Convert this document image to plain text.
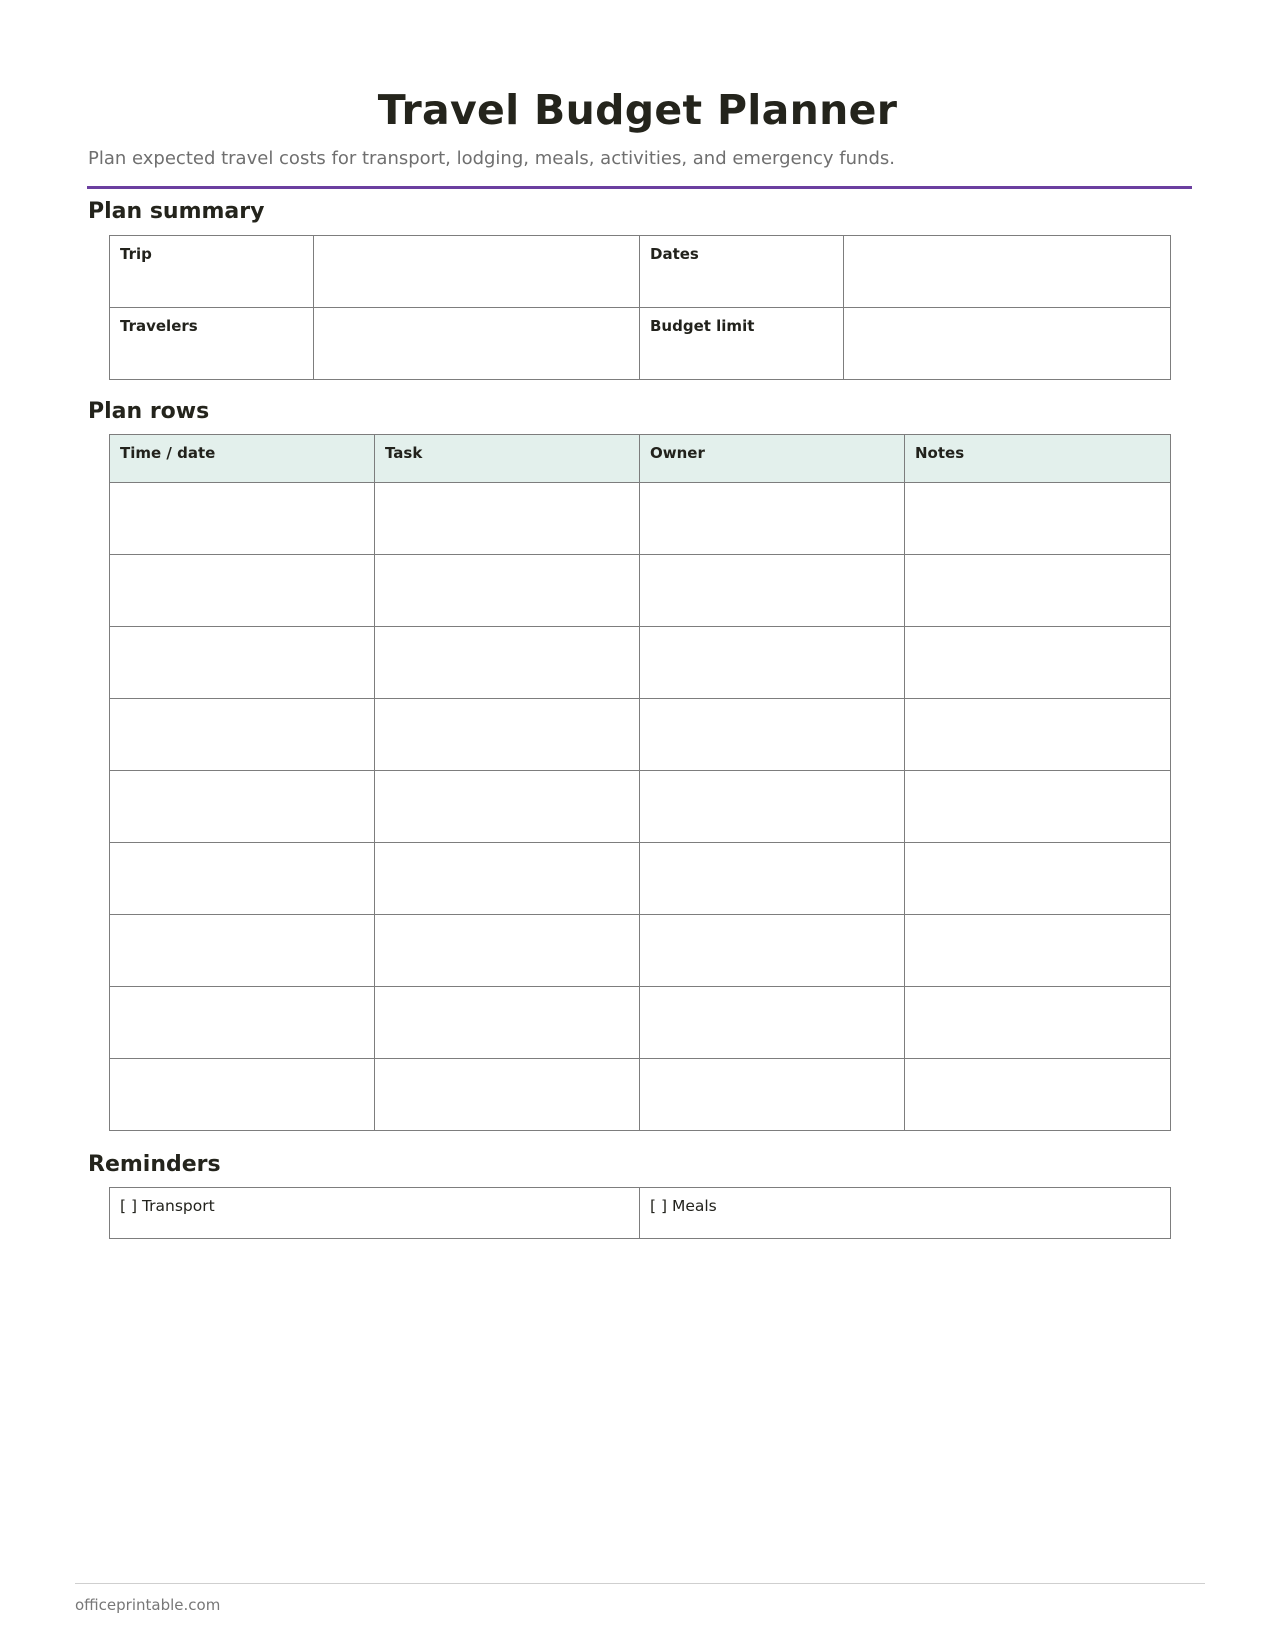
Travel Budget Planner
Plan expected travel costs for transport, lodging, meals, activities, and emergency funds.
Plan summary
Trip		Dates	
Travelers		Budget limit	
Plan rows
Time / date	Task	Owner	Notes

Reminders
[ ] Transport	[ ] Meals
officeprintable.com
